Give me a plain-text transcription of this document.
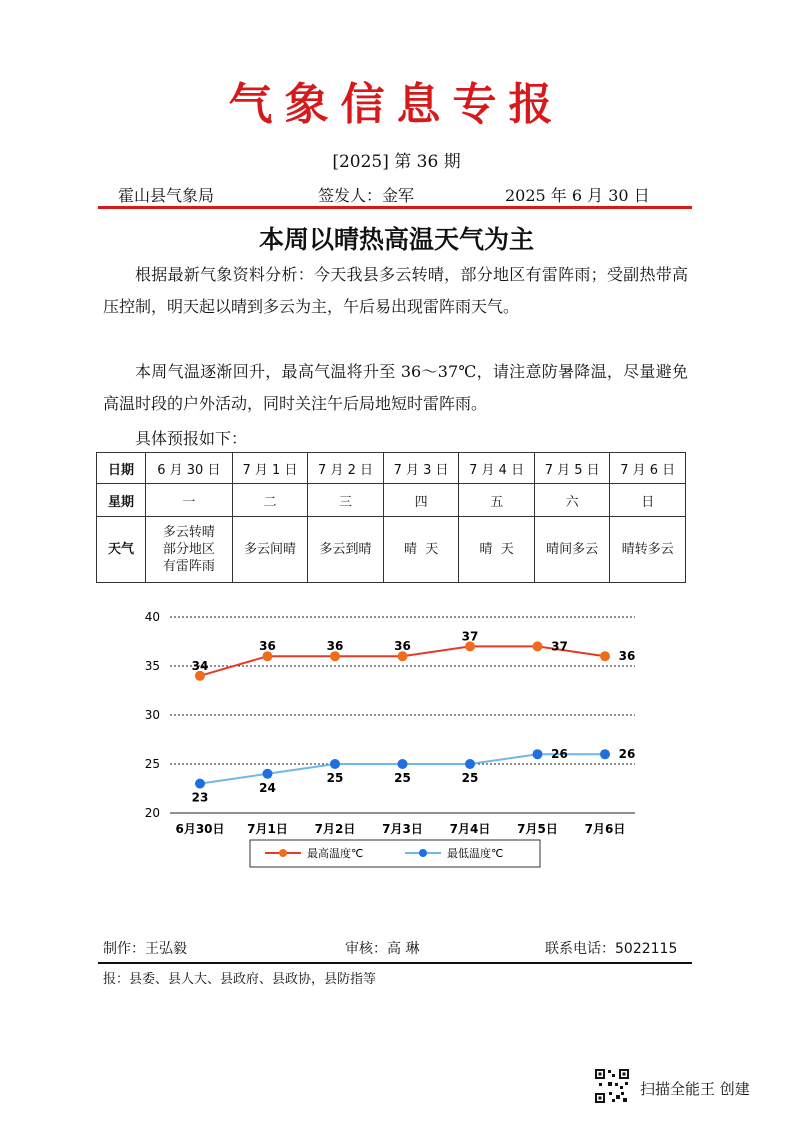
气象信息专报
[2025] 第 36 期
霍山县气象局	签发人：金军	2025 年 6 月 30 日
本周以晴热高温天气为主
根据最新气象资料分析：今天我县多云转晴，部分地区有雷阵雨；受副热带高压控制，明天起以晴到多云为主，午后易出现雷阵雨天气。
本周气温逐渐回升，最高气温将升至 36～37℃，请注意防暑降温，尽量避免高温时段的户外活动，同时关注午后局地短时雷阵雨。
具体预报如下：
日期	6 月 30 日	7 月 1 日	7 月 2 日	7 月 3 日	7 月 4 日	7 月 5 日	7 月 6 日
星期	一	二	三	四	五	六	日
天气	多云转晴
部分地区
有雷阵雨	多云间晴	多云到晴	晴  天	晴  天	晴间多云	晴转多云
20
25
30
35
40
6月30日 7月1日 7月2日 7月3日 7月4日 7月5日 7月6日
34
36	36	36
37
37
36
23
24
25	25	25
26	26
最高温度℃	最低温度℃
制作：王弘毅	审核：高 琳	联系电话：5022115
报：县委、县人大、县政府、县政协，县防指等
扫描全能王 创建
